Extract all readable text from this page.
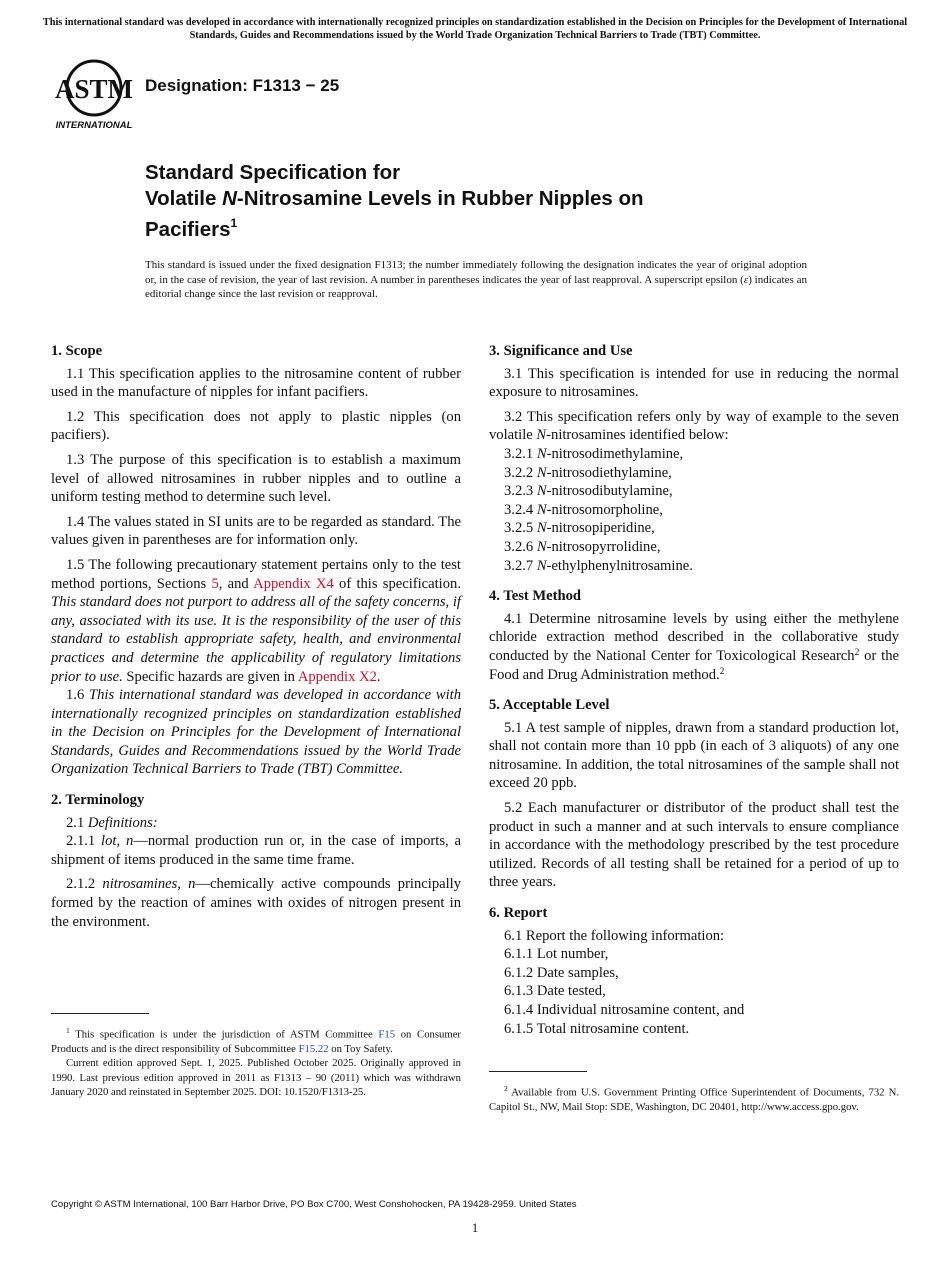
This international standard was developed in accordance with internationally recognized principles on standardization established in the Decision on Principles for the Development of International Standards, Guides and Recommendations issued by the World Trade Organization Technical Barriers to Trade (TBT) Committee.
ASTM
INTERNATIONAL
Designation: F1313 − 25
Standard Specification for
Volatile N-Nitrosamine Levels in Rubber Nipples on
Pacifiers$^1$
This standard is issued under the fixed designation F1313; the number immediately following the designation indicates the year of original adoption or, in the case of revision, the year of last revision. A number in parentheses indicates the year of last reapproval. A superscript epsilon (ε) indicates an editorial change since the last revision or reapproval.
1. Scope

1.1 This specification applies to the nitrosamine content of rubber used in the manufacture of nipples for infant pacifiers.

1.2 This specification does not apply to plastic nipples (on pacifiers).

1.3 The purpose of this specification is to establish a maximum level of allowed nitrosamines in rubber nipples and to outline a uniform testing method to determine such level.

1.4 The values stated in SI units are to be regarded as standard. The values given in parentheses are for information only.

1.5 The following precautionary statement pertains only to the test method portions, Sections 5, and Appendix X4 of this specification. This standard does not purport to address all of the safety concerns, if any, associated with its use. It is the responsibility of the user of this standard to establish appropriate safety, health, and environmental practices and determine the applicability of regulatory limitations prior to use. Specific hazards are given in Appendix X2.

1.6 This international standard was developed in accordance with internationally recognized principles on standardization established in the Decision on Principles for the Development of International Standards, Guides and Recommendations issued by the World Trade Organization Technical Barriers to Trade (TBT) Committee.

2. Terminology

2.1 Definitions:

2.1.1 lot, n—normal production run or, in the case of imports, a shipment of items produced in the same time frame.

2.1.2 nitrosamines, n—chemically active compounds principally formed by the reaction of amines with oxides of nitrogen present in the environment.

3. Significance and Use

3.1 This specification is intended for use in reducing the normal exposure to nitrosamines.

3.2 This specification refers only by way of example to the seven volatile N-nitrosamines identified below:

3.2.1 N-nitrosodimethylamine,
3.2.2 N-nitrosodiethylamine,
3.2.3 N-nitrosodibutylamine,
3.2.4 N-nitrosomorpholine,
3.2.5 N-nitrosopiperidine,
3.2.6 N-nitrosopyrrolidine,
3.2.7 N-ethylphenylnitrosamine.
4. Test Method

4.1 Determine nitrosamine levels by using either the methylene chloride extraction method described in the collaborative study conducted by the National Center for Toxicological Research$^2$ or the Food and Drug Administration method.$^2$

5. Acceptable Level

5.1 A test sample of nipples, drawn from a standard production lot, shall not contain more than 10 ppb (in each of 3 aliquots) of any one nitrosamine. In addition, the total nitrosamines of the sample shall not exceed 20 ppb.

5.2 Each manufacturer or distributor of the product shall test the product in such a manner and at such intervals to ensure compliance in accordance with the methodology prescribed by the test procedure utilized. Records of all testing shall be retained for a period of up to three years.

6. Report
6.1 Report the following information:
6.1.1 Lot number,
6.1.2 Date samples,
6.1.3 Date tested,
6.1.4 Individual nitrosamine content, and
6.1.5 Total nitrosamine content.

$^1$ This specification is under the jurisdiction of ASTM Committee F15 on Consumer Products and is the direct responsibility of Subcommittee F15.22 on Toy Safety.

Current edition approved Sept. 1, 2025. Published October 2025. Originally approved in 1990. Last previous edition approved in 2011 as F1313 – 90 (2011) which was withdrawn January 2020 and reinstated in September 2025. DOI: 10.1520/F1313-25.	$^2$ Available from U.S. Government Printing Office Superintendent of Documents, 732 N. Capitol St., NW, Mail Stop: SDE, Washington, DC 20401, http://www.access.gpo.gov.

Copyright © ASTM International, 100 Barr Harbor Drive, PO Box C700, West Conshohocken, PA 19428-2959. United States
1
